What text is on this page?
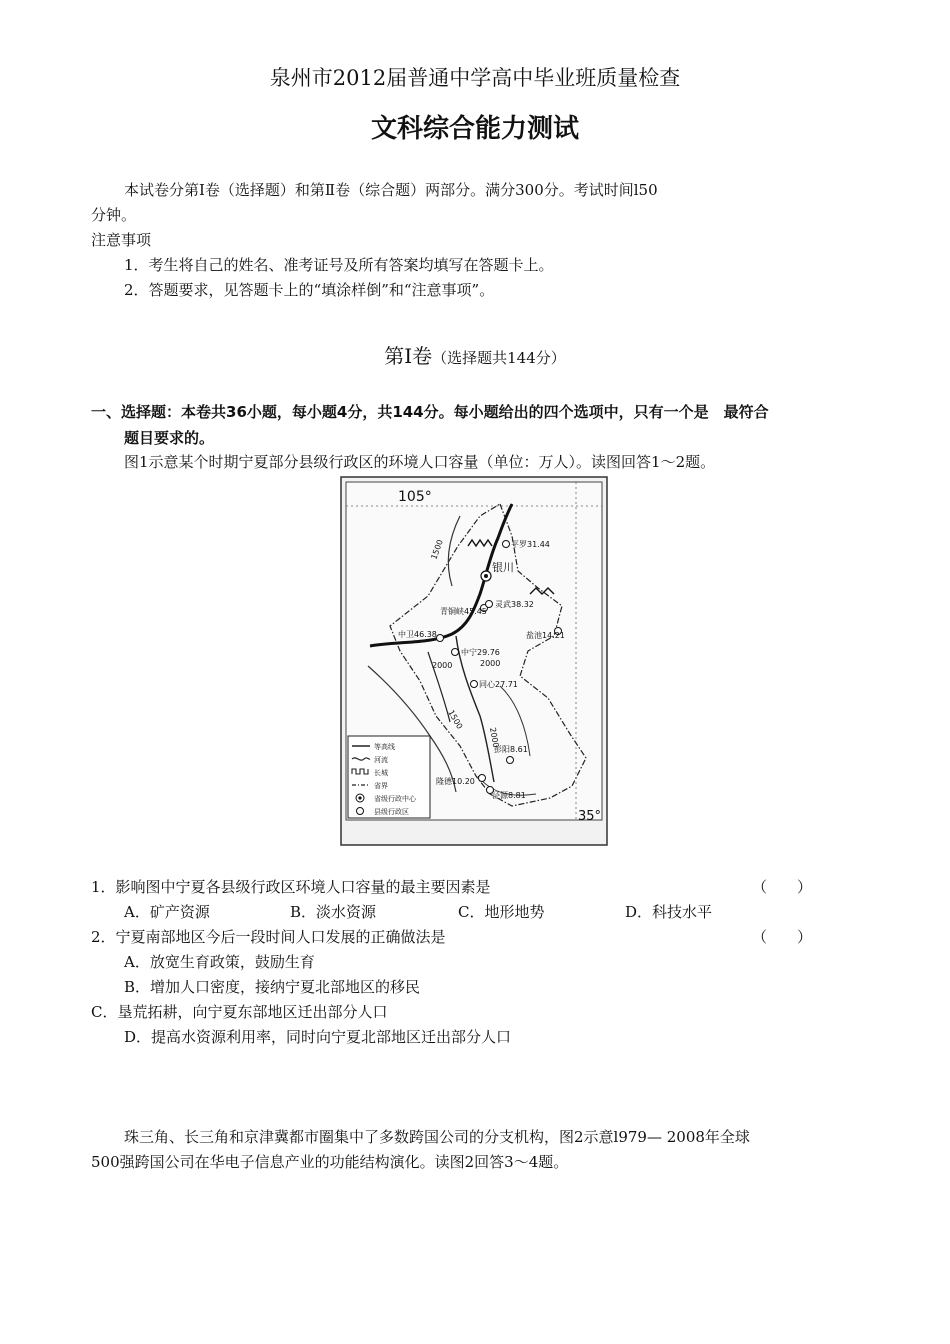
泉州市2012届普通中学高中毕业班质量检查
文科综合能力测试
本试卷分第Ⅰ卷（选择题）和第Ⅱ卷（综合题）两部分。满分300分。考试时间l50
分钟。
注意事项
1．考生将自己的姓名、准考证号及所有答案均填写在答题卡上。
2．答题要求，见答题卡上的“填涂样倒”和“注意事项”。
第Ⅰ卷（选择题共144分）
一、选择题：本卷共36小题，每小题4分，共144分。每小题给出的四个选项中，只有一个是　最符合
题目要求的。
图1示意某个时期宁夏部分县级行政区的环境人口容量（单位：万人）。读图回答1～2题。
105°
35°
1500
2000	2000
1500
2000
银川
平罗31.44
青铜峡45.45
灵武38.32
盐池14.21
中卫46.38
中宁29.76
同心27.71
彭阳8.61
隆德10.20
泾源8.81
等高线
河流
长城
省界
省级行政中心
县级行政区
1．影响图中宁夏各县级行政区环境人口容量的最主要因素是	（　　）
A．矿产资源	B．淡水资源	C．地形地势	D．科技水平
2．宁夏南部地区今后一段时间人口发展的正确做法是	（　　）
A．放宽生育政策，鼓励生育
B．增加人口密度，接纳宁夏北部地区的移民
C．垦荒拓耕，向宁夏东部地区迁出部分人口
D．提高水资源利用率，同时向宁夏北部地区迁出部分人口
珠三角、长三角和京津冀都市圈集中了多数跨国公司的分支机构，图2示意l979— 2008年全球
500强跨国公司在华电子信息产业的功能结构演化。读图2回答3～4题。
